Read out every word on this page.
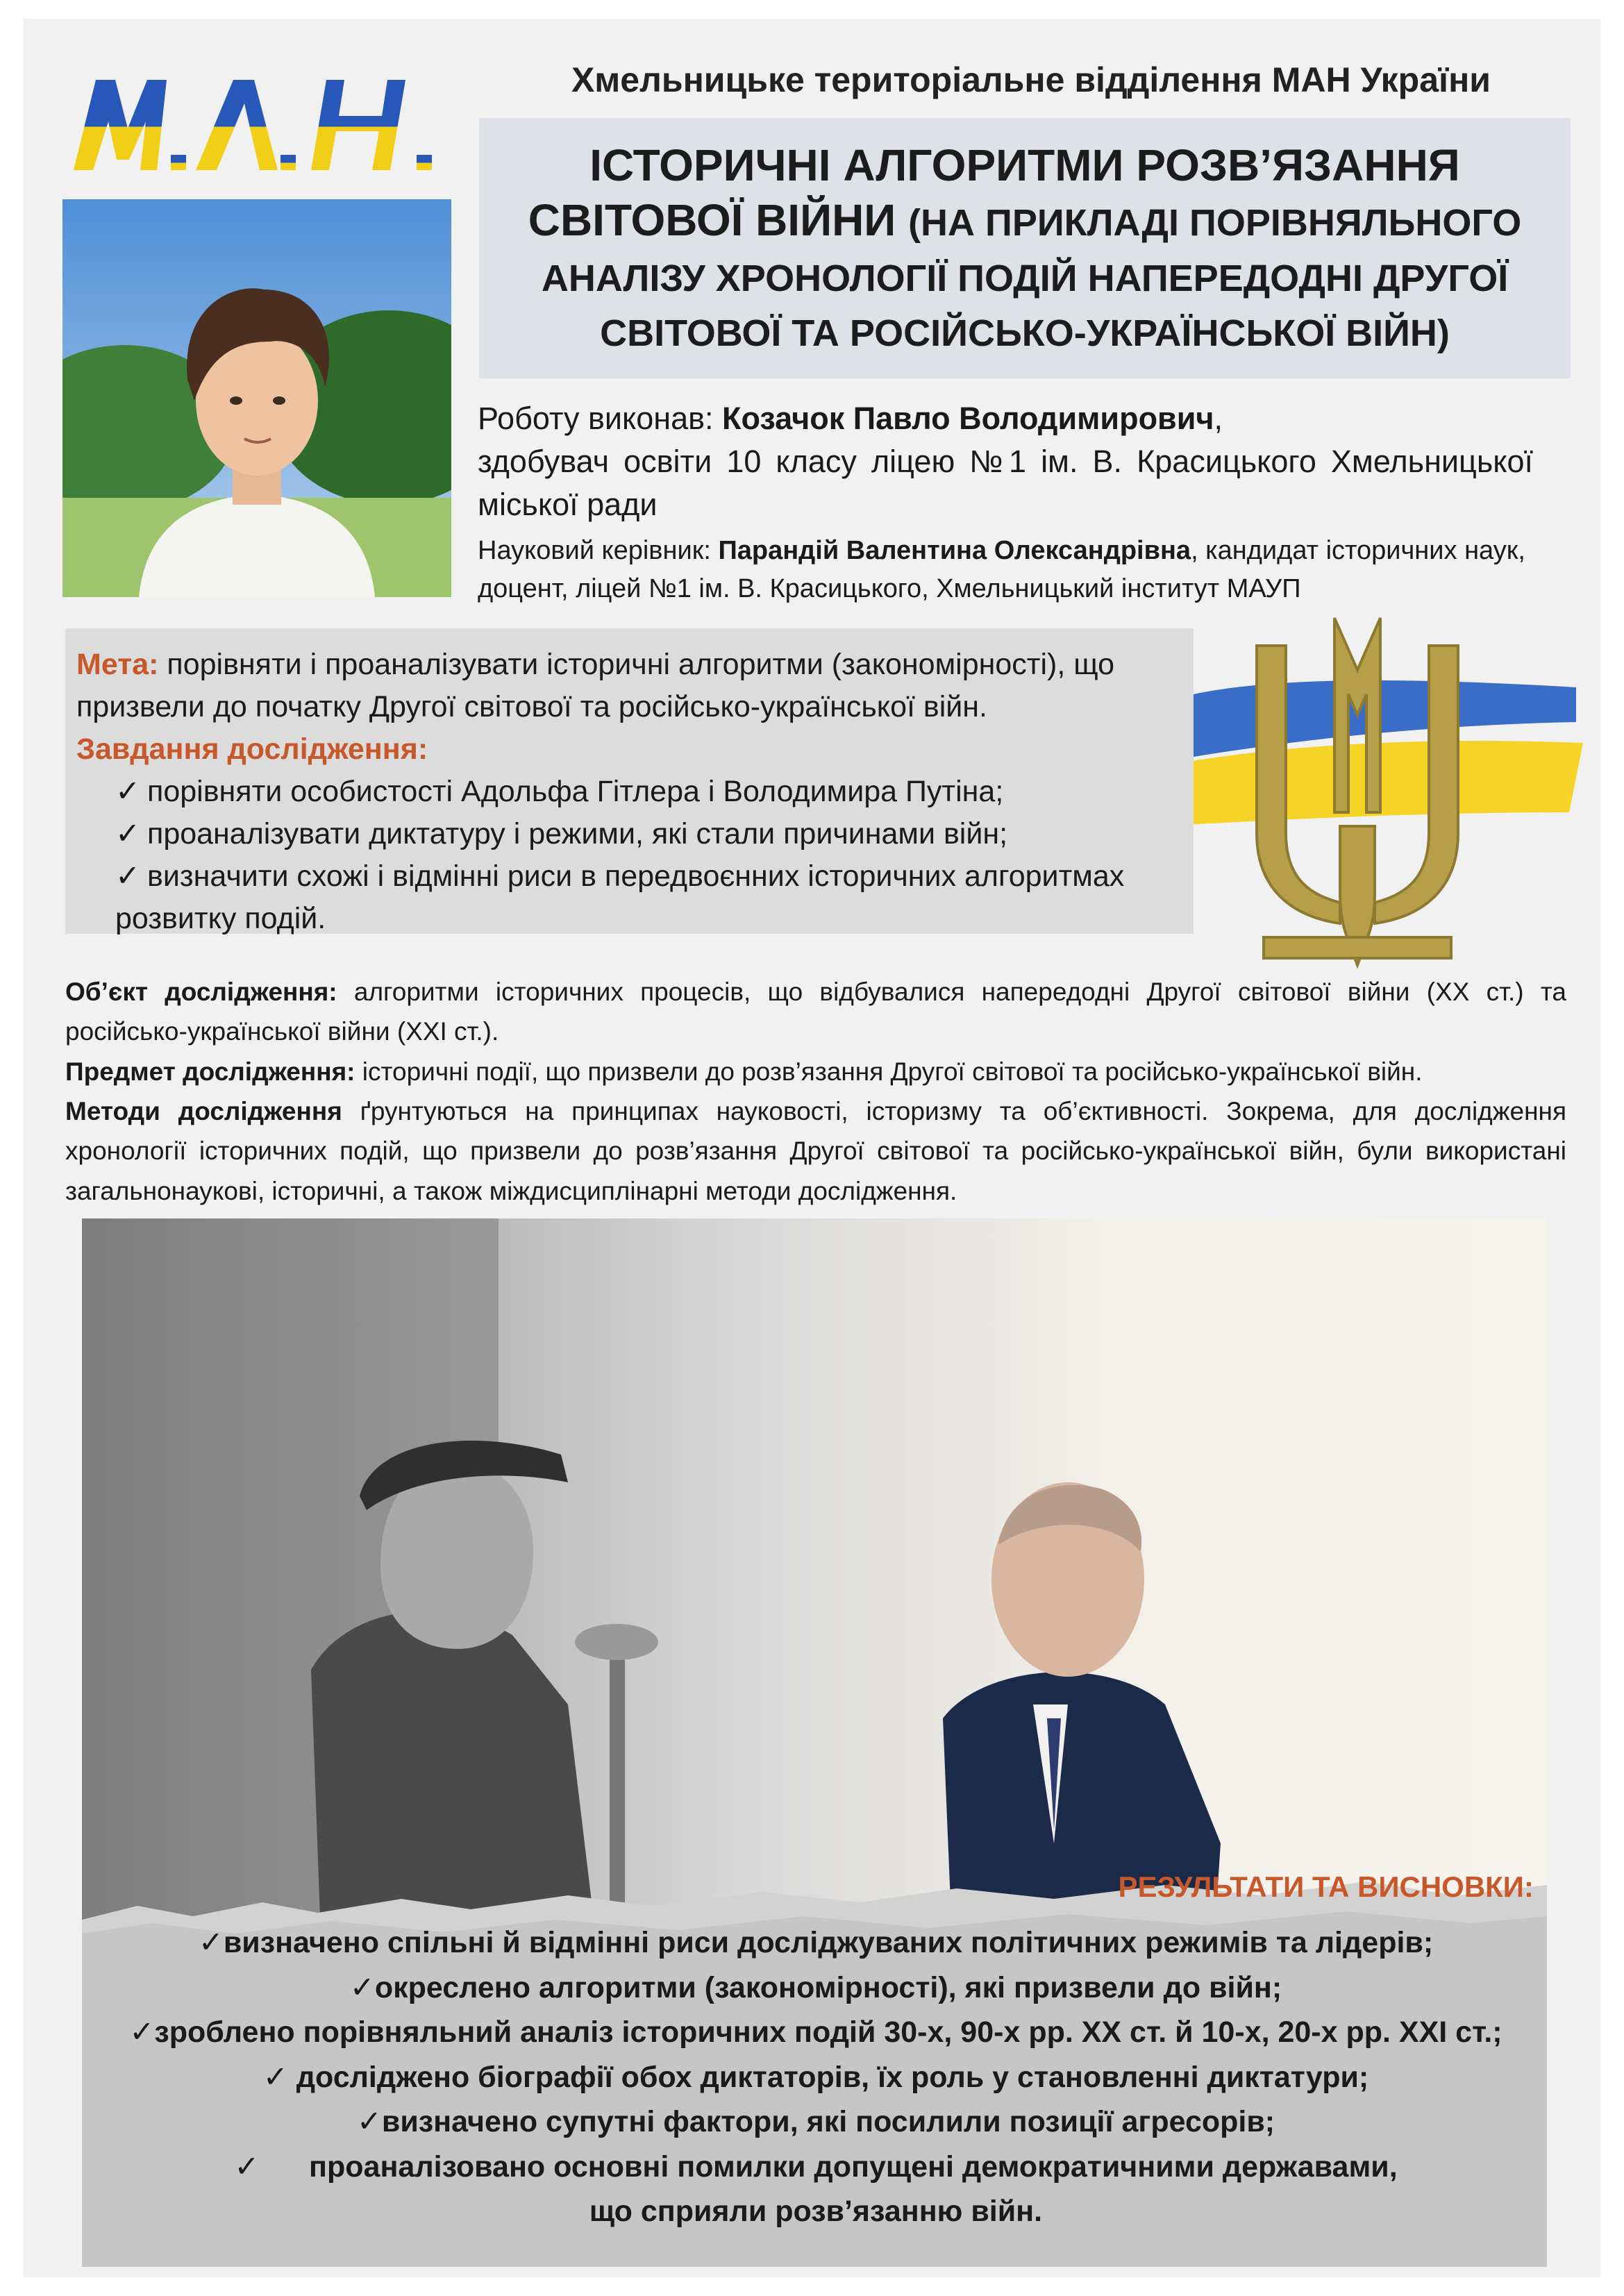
Хмельницьке територіальне відділення МАН України

ІСТОРИЧНІ АЛГОРИТМИ РОЗВ’ЯЗАННЯ СВІТОВОЇ ВІЙНИ (НА ПРИКЛАДІ ПОРІВНЯЛЬНОГО АНАЛІЗУ ХРОНОЛОГІЇ ПОДІЙ НАПЕРЕДОДНІ ДРУГОЇ СВІТОВОЇ ТА РОСІЙСЬКО-УКРАЇНСЬКОЇ ВІЙН)

Роботу виконав: Козачок Павло Володимирович,
здобувач освіти 10 класу ліцею №1 ім. В. Красицького Хмельницької міської ради
Науковий керівник: Парандій Валентина Олександрівна, кандидат історичних наук, доцент, ліцей №1 ім. В. Красицького, Хмельницький інститут МАУП
Мета: порівняти і проаналізувати історичні алгоритми (закономірності), що призвели до початку Другої світової та російсько-української війн.
Завдання дослідження:
✓ порівняти особистості Адольфа Гітлера і Володимира Путіна;
✓ проаналізувати диктатуру і режими, які стали причинами війн;
✓ визначити схожі і відмінні риси в передвоєнних історичних алгоритмах розвитку подій.

Об’єкт дослідження: алгоритми історичних процесів, що відбувалися напередодні Другої світової війни (ХХ ст.) та російсько-української війни (ХХІ ст.).

Предмет дослідження: історичні події, що призвели до розв’язання Другої світової та російсько-української війн.

Методи дослідження ґрунтуються на принципах науковості, історизму та об’єктивності. Зокрема, для дослідження хронології історичних подій, що призвели до розв’язання Другої світової та російсько-української війн, були використані загальнонаукові, історичні, а також міждисциплінарні методи дослідження.

РЕЗУЛЬТАТИ ТА ВИСНОВКИ:
✓визначено спільні й відмінні риси досліджуваних політичних режимів та лідерів;
✓окреслено алгоритми (закономірності), які призвели до війн;
✓зроблено порівняльний аналіз історичних подій 30-х, 90-х рр. ХХ ст. й 10-х, 20-х рр. ХХІ ст.;
✓ досліджено біографії обох диктаторів, їх роль у становленні диктатури;
✓визначено супутні фактори, які посилили позиції агресорів;
✓      проаналізовано основні помилки допущені демократичними державами,
що сприяли розв’язанню війн.
